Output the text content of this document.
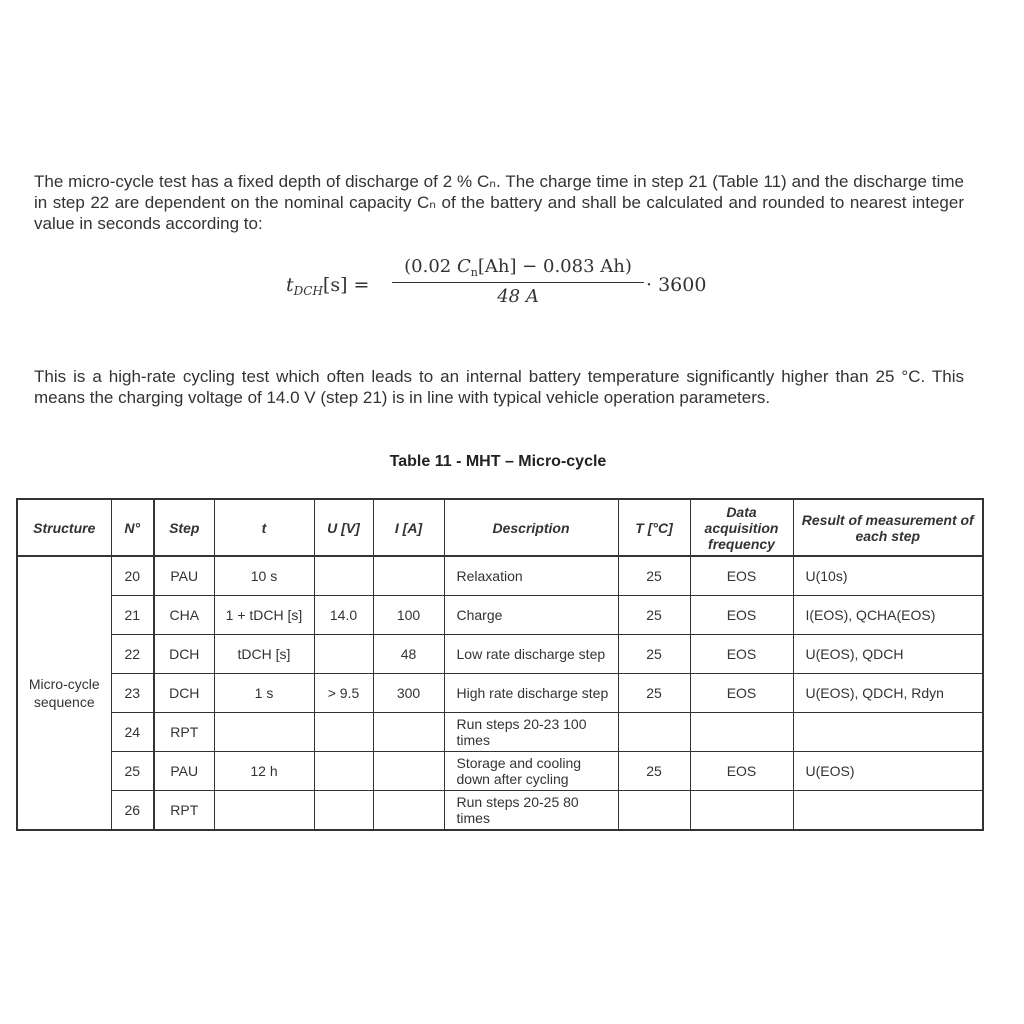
The micro-cycle test has a fixed depth of discharge of 2 % Cₙ. The charge time in step 21 (Table 11) and the discharge time in step 22 are dependent on the nominal capacity Cₙ of the battery and shall be calculated and rounded to nearest integer value in seconds according to:
$t_{DCH}[s] = \frac{(0.02 C_n[Ah] - 0.083 Ah)}{48 A} \cdot 3600$
This is a high-rate cycling test which often leads to an internal battery temperature significantly higher than 25 °C. This means the charging voltage of 14.0 V (step 21) is in line with typical vehicle operation parameters.
Table 11 - MHT – Micro-cycle
Structure	N°	Step	t	U [V]	I [A]	Description	T [°C]	Data acquisition frequency	Result of measurement of each step
Micro-cycle sequence	20	PAU	10 s			Relaxation	25	EOS	U(10s)
	21	CHA	1 + tDCH [s]	14.0	100	Charge	25	EOS	I(EOS), QCHA(EOS)
	22	DCH	tDCH [s]		48	Low rate discharge step	25	EOS	U(EOS), QDCH
	23	DCH	1 s	> 9.5	300	High rate discharge step	25	EOS	U(EOS), QDCH, Rdyn
	24	RPT				Run steps 20-23 100 times			
	25	PAU	12 h			Storage and cooling down after cycling	25	EOS	U(EOS)
	26	RPT				Run steps 20-25 80 times			
